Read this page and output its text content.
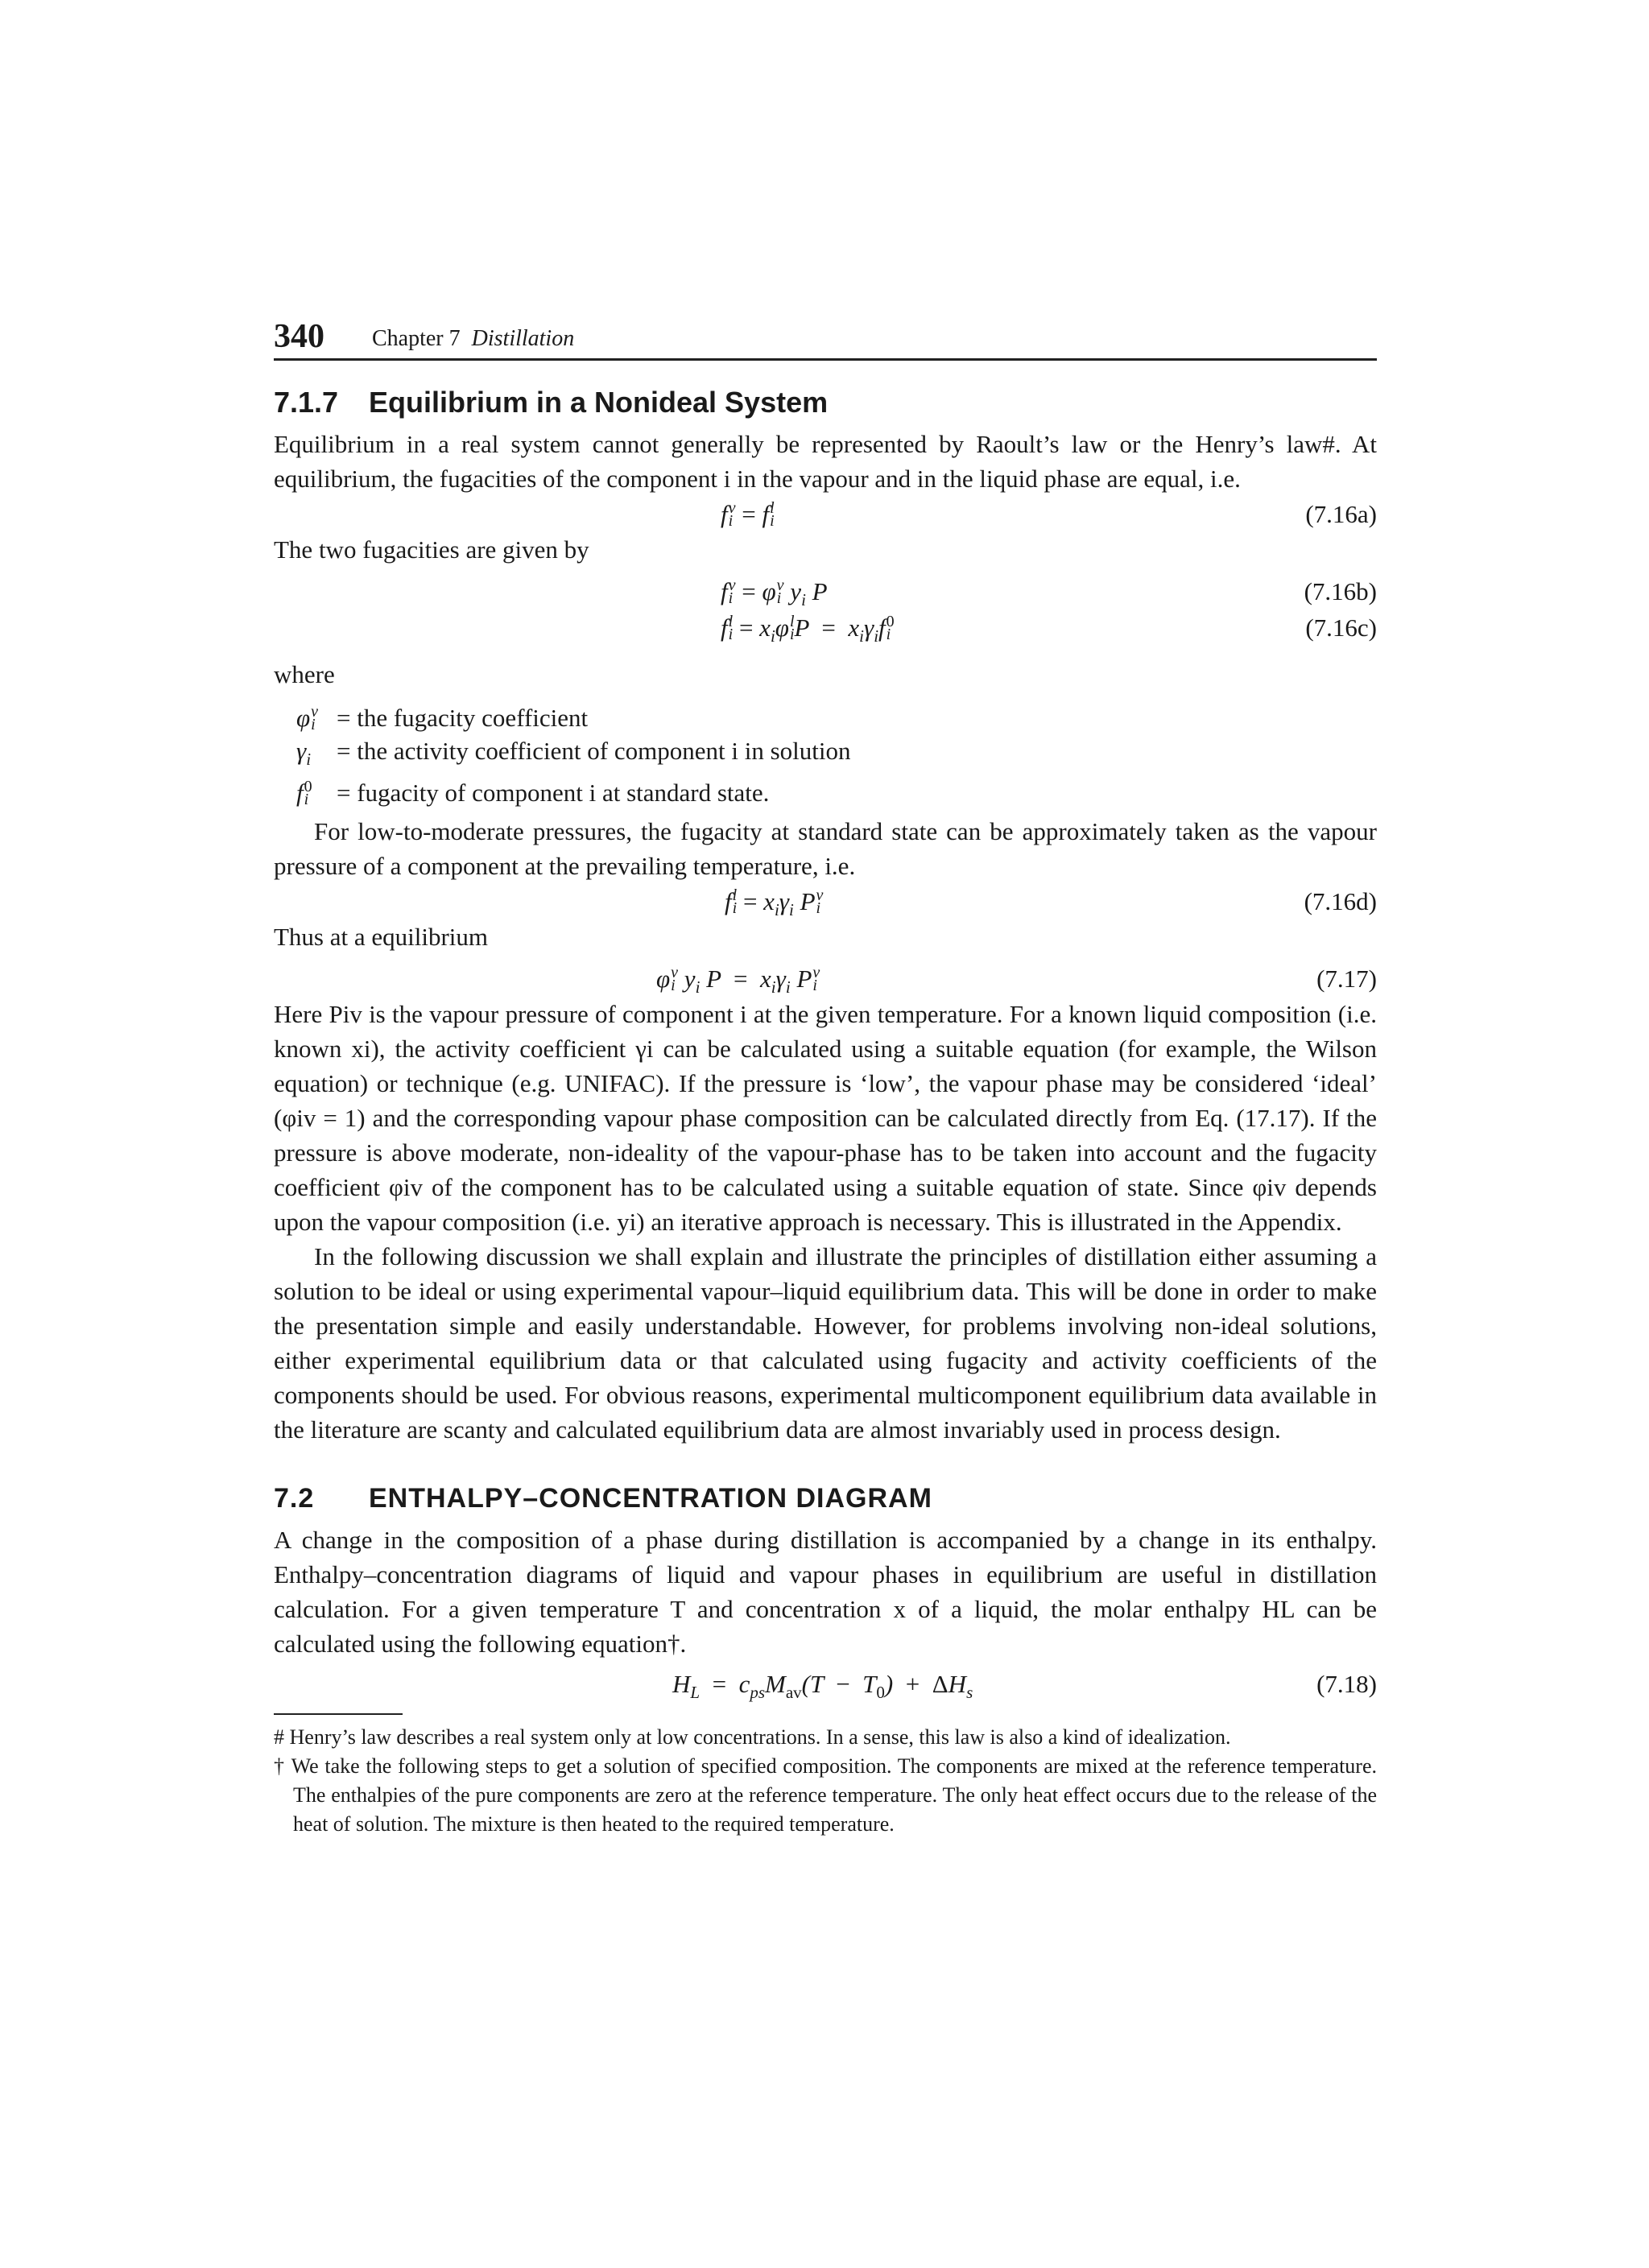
340 Chapter 7 Distillation
7.1.7 Equilibrium in a Nonideal System

Equilibrium in a real system cannot generally be represented by Raoult’s law or the Henry’s law#. At equilibrium, the fugacities of the component i in the vapour and in the liquid phase are equal, i.e.

f v
i = f l
i	(7.16a)

The two fugacities are given by

f v
i = φ v
i $y_i$ P	(7.16b)
f l
$i = x_i\varphi$ l
i $P = x_i\gamma_if$ 0
i	(7.16c)

where

φ v
i = the fugacity coefficient
$\gamma_i$ = the activity coefficient of component i in solution
f 0
i = fugacity of component i at standard state.

For low-to-moderate pressures, the fugacity at standard state can be approximately taken as the vapour pressure of a component at the prevailing temperature, i.e.

f l
$i = x_i\gamma_i$ P v
i	(7.16d)

Thus at a equilibrium

φ v
i $y_i$ $P = x_i\gamma_i$ P v
i	(7.17)

Here Piv is the vapour pressure of component i at the given temperature. For a known liquid composition (i.e. known xi), the activity coefficient γi can be calculated using a suitable equation (for example, the Wilson equation) or technique (e.g. UNIFAC). If the pressure is ‘low’, the vapour phase may be considered ‘ideal’ (φiv = 1) and the corresponding vapour phase composition can be calculated directly from Eq. (17.17). If the pressure is above moderate, non-ideality of the vapour-phase has to be taken into account and the fugacity coefficient φiv of the component has to be calculated using a suitable equation of state. Since φiv depends upon the vapour composition (i.e. yi) an iterative approach is necessary. This is illustrated in the Appendix.

In the following discussion we shall explain and illustrate the principles of distillation either assuming a solution to be ideal or using experimental vapour–liquid equilibrium data. This will be done in order to make the presentation simple and easily understandable. However, for problems involving non-ideal solutions, either experimental equilibrium data or that calculated using fugacity and activity coefficients of the components should be used. For obvious reasons, experimental multicomponent equilibrium data available in the literature are scanty and calculated equilibrium data are almost invariably used in process design.

7.2 ENTHALPY–CONCENTRATION DIAGRAM

A change in the composition of a phase during distillation is accompanied by a change in its enthalpy. Enthalpy–concentration diagrams of liquid and vapour phases in equilibrium are useful in distillation calculation. For a given temperature T and concentration x of a liquid, the molar enthalpy HL can be calculated using the following equation†.

$H_L = c_{ps}M_{av}(T - T_0) + \Delta H_s$	(7.18)
# Henry’s law describes a real system only at low concentrations. In a sense, this law is also a kind of idealization.
† We take the following steps to get a solution of specified composition. The components are mixed at the reference temperature. The enthalpies of the pure components are zero at the reference temperature. The only heat effect occurs due to the release of the heat of solution. The mixture is then heated to the required temperature.
